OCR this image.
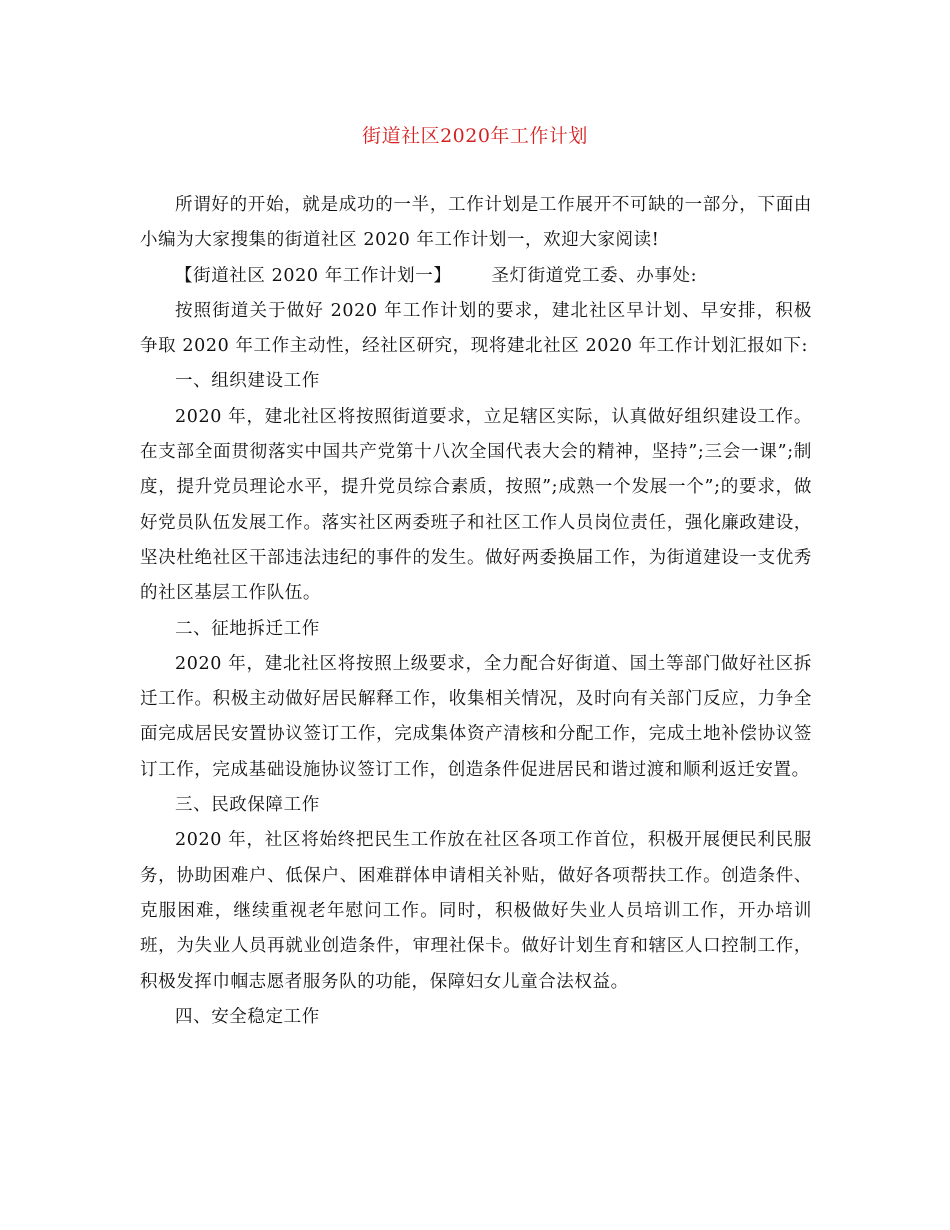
街道社区2020年工作计划

所谓好的开始，就是成功的一半，工作计划是工作展开不可缺的一部分，下面由小编为大家搜集的街道社区 2020 年工作计划一，欢迎大家阅读!

【街道社区 2020 年工作计划一】 圣灯街道党工委、办事处:

按照街道关于做好 2020 年工作计划的要求，建北社区早计划、早安排，积极争取 2020 年工作主动性，经社区研究，现将建北社区 2020 年工作计划汇报如下:

一、组织建设工作

2020 年，建北社区将按照街道要求，立足辖区实际，认真做好组织建设工作。在支部全面贯彻落实中国共产党第十八次全国代表大会的精神，坚持”;三会一课”;制度，提升党员理论水平，提升党员综合素质，按照”;成熟一个发展一个”;的要求，做好党员队伍发展工作。落实社区两委班子和社区工作人员岗位责任，强化廉政建设，坚决杜绝社区干部违法违纪的事件的发生。做好两委换届工作，为街道建设一支优秀的社区基层工作队伍。

二、征地拆迁工作

2020 年，建北社区将按照上级要求，全力配合好街道、国土等部门做好社区拆迁工作。积极主动做好居民解释工作，收集相关情况，及时向有关部门反应，力争全面完成居民安置协议签订工作，完成集体资产清核和分配工作，完成土地补偿协议签订工作，完成基础设施协议签订工作，创造条件促进居民和谐过渡和顺利返迁安置。

三、民政保障工作

2020 年，社区将始终把民生工作放在社区各项工作首位，积极开展便民利民服务，协助困难户、低保户、困难群体申请相关补贴，做好各项帮扶工作。创造条件、克服困难，继续重视老年慰问工作。同时，积极做好失业人员培训工作，开办培训班，为失业人员再就业创造条件，审理社保卡。做好计划生育和辖区人口控制工作，积极发挥巾帼志愿者服务队的功能，保障妇女儿童合法权益。

四、安全稳定工作
